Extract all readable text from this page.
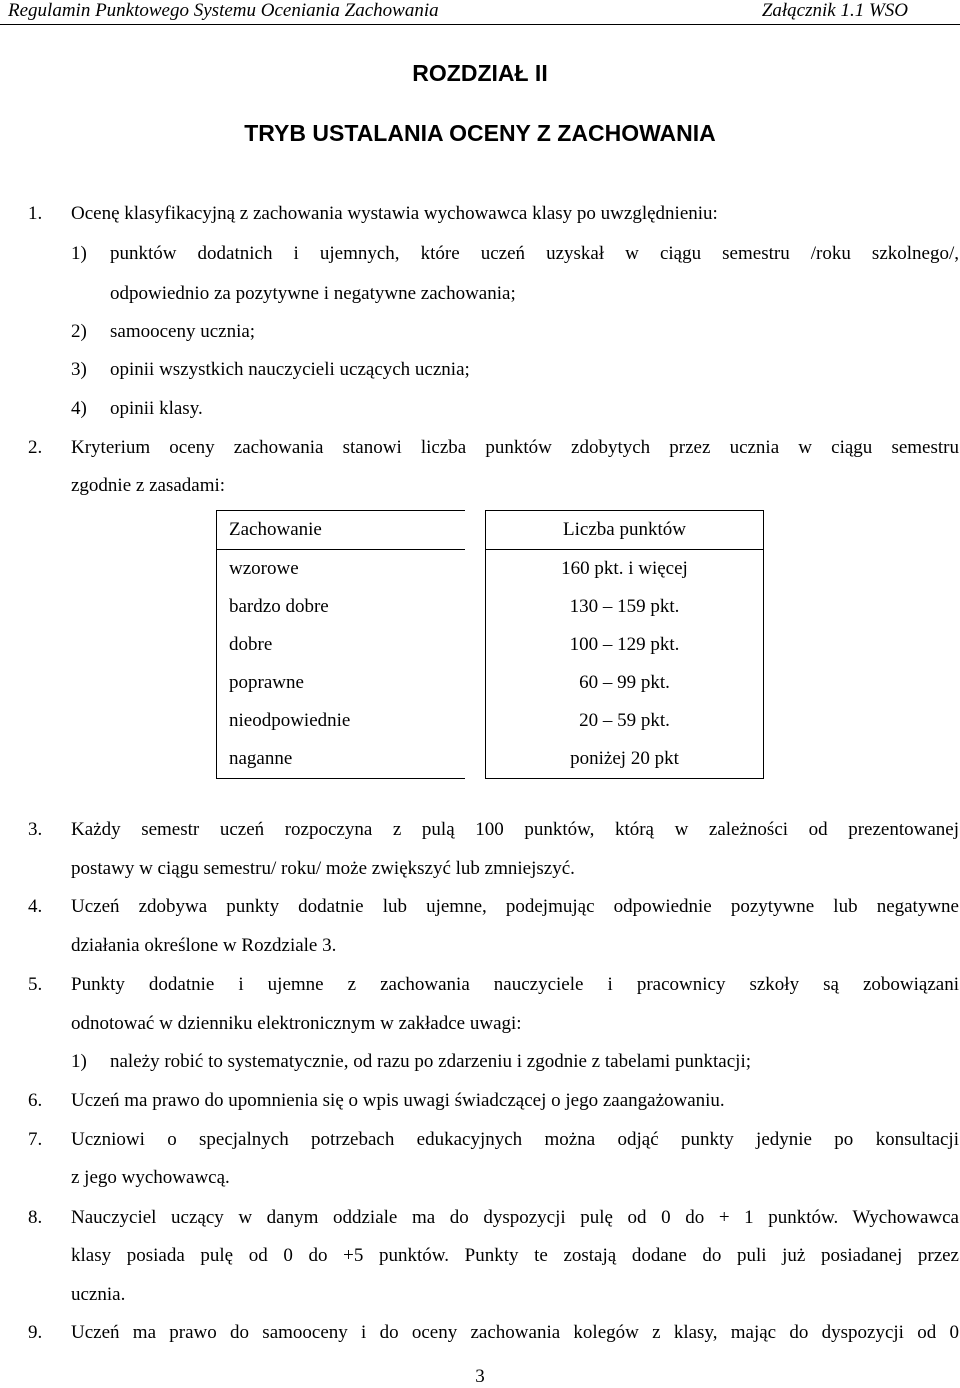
Regulamin Punktowego Systemu Oceniania Zachowania	Załącznik 1.1 WSO
ROZDZIAŁ II
TRYB USTALANIA OCENY Z ZACHOWANIA
1. Ocenę klasyfikacyjną z zachowania wystawia wychowawca klasy po uwzględnieniu:
1) punktów dodatnich i ujemnych, które uczeń uzyskał w ciągu semestru /roku szkolnego/,
odpowiednio za pozytywne i negatywne zachowania;
2) samooceny ucznia;
3) opinii wszystkich nauczycieli uczących ucznia;
4) opinii klasy.
2. Kryterium oceny zachowania stanowi liczba punktów zdobytych przez ucznia w ciągu semestru
zgodnie z zasadami:
Zachowanie		Liczba punktów
wzorowe		160 pkt. i więcej
bardzo dobre		130 – 159 pkt.
dobre		100 – 129 pkt.
poprawne		60 – 99 pkt.
nieodpowiednie		20 – 59 pkt.
naganne		poniżej 20 pkt
3. Każdy semestr uczeń rozpoczyna z pulą 100 punktów, którą w zależności od prezentowanej
postawy w ciągu semestru/ roku/ może zwiększyć lub zmniejszyć.
4. Uczeń zdobywa punkty dodatnie lub ujemne, podejmując odpowiednie pozytywne lub negatywne
działania określone w Rozdziale 3.
5. Punkty dodatnie i ujemne z zachowania nauczyciele i pracownicy szkoły są zobowiązani
odnotować w dzienniku elektronicznym w zakładce uwagi:
1) należy robić to systematycznie, od razu po zdarzeniu i zgodnie z tabelami punktacji;
6. Uczeń ma prawo do upomnienia się o wpis uwagi świadczącej o jego zaangażowaniu.
7. Uczniowi o specjalnych potrzebach edukacyjnych można odjąć punkty jedynie po konsultacji
z jego wychowawcą.
8. Nauczyciel uczący w danym oddziale ma do dyspozycji pulę od 0 do + 1 punktów. Wychowawca
klasy posiada pulę od 0 do +5 punktów. Punkty te zostają dodane do puli już posiadanej przez
ucznia.
9. Uczeń ma prawo do samooceny i do oceny zachowania kolegów z klasy, mając do dyspozycji od 0
3
